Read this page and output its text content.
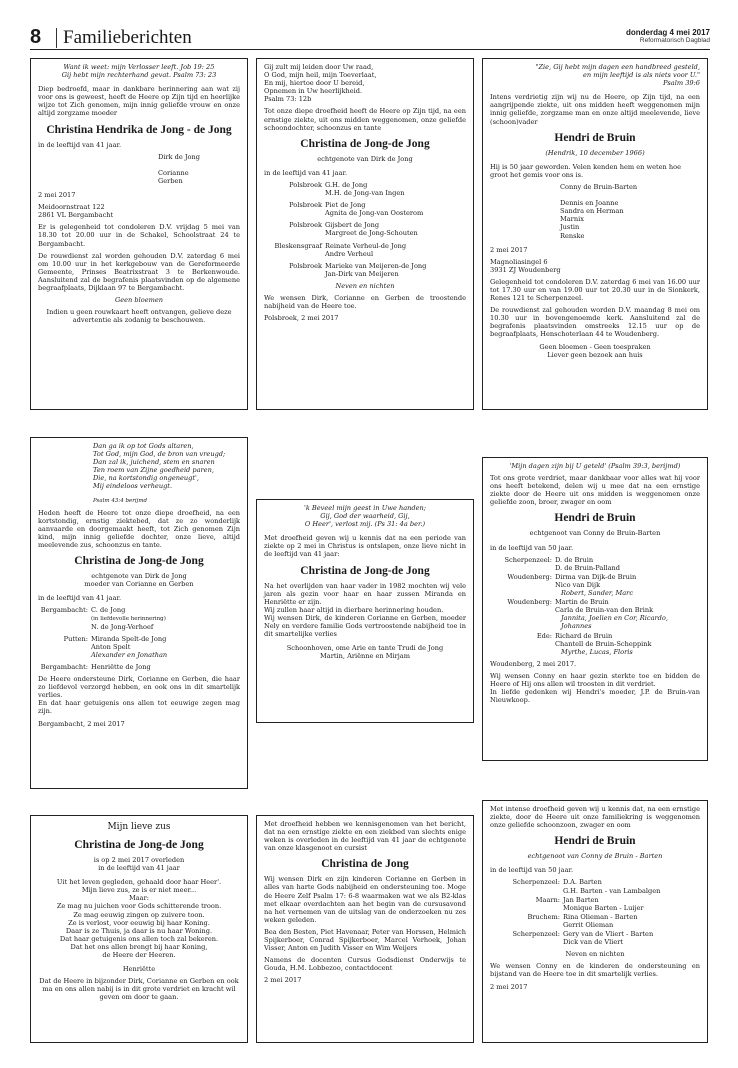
8	Familieberichten	donderdag 4 mei 2017
Reformatorisch Dagblad
Want ik weet: mijn Verlosser leeft. Job 19: 25
Gij hebt mijn rechterhand gevat. Psalm 73: 23

Diep bedroefd, maar in dankbare herinnering aan wat zij voor ons is geweest, heeft de Heere op Zijn tijd en heerlijke wijze tot Zich genomen, mijn innig geliefde vrouw en onze altijd zorgzame moeder

Christina Hendrika de Jong - de Jong

in de leeftijd van 41 jaar.

Dirk de Jong

Corianne
Gerben

2 mei 2017

Meidoornstraat 122
2861 VL Bergambacht

Er is gelegenheid tot condoleren D.V. vrijdag 5 mei van 18.30 tot 20.00 uur in de Schakel, Schoolstraat 24 te Bergambacht.

De rouwdienst zal worden gehouden D.V. zaterdag 6 mei om 10.00 uur in het kerkgebouw van de Gereformeerde Gemeente, Prinses Beatrixstraat 3 te Berkenwoude. Aansluitend zal de begrafenis plaatsvinden op de algemene begraafplaats, Dijklaan 97 te Bergambacht.

Geen bloemen

Indien u geen rouwkaart heeft ontvangen, gelieve deze advertentie als zodanig te beschouwen.

Gij zult mij leiden door Uw raad,
O God, mijn heil, mijn Toeverlaat,
En mij, hiertoe door U bereid,
Opnemen in Uw heerlijkheid.
Psalm 73: 12b

Tot onze diepe droefheid heeft de Heere op Zijn tijd, na een ernstige ziekte, uit ons midden weggenomen, onze geliefde schoondochter, schoonzus en tante

Christina de Jong-de Jong
echtgenote van Dirk de Jong

in de leeftijd van 41 jaar.

Polsbroek G.H. de Jong
M.H. de Jong-van Ingen
Polsbroek Piet de Jong
Agnita de Jong-van Oosterom
Polsbroek Gijsbert de Jong
Margreet de Jong-Schouten
Bleskensgraaf Reinate Verheul-de Jong
Andre Verheul
Polsbroek Marieke van Meijeren-de Jong
Jan-Dirk van Meijeren

Neven en nichten

We wensen Dirk, Corianne en Gerben de troostende nabijheid van de Heere toe.

Polsbroek, 2 mei 2017

"Zie, Gij hebt mijn dagen een handbreed gesteld,
en mijn leeftijd is als niets voor U."
Psalm 39:6

Intens verdrietig zijn wij nu de Heere, op Zijn tijd, na een aangrijpende ziekte, uit ons midden heeft weggenomen mijn innig geliefde, zorgzame man en onze altijd meelevende, lieve (schoon)vader

Hendri de Bruin
(Hendrik, 10 december 1966)

Hij is 50 jaar geworden. Velen kenden hem en weten hoe groot het gemis voor ons is.

Conny de Bruin-Barten

Dennis en Joanne
Sandra en Herman
Marnix
Justin
Renske

2 mei 2017

Magnoliasingel 6
3931 ZJ Woudenberg

Gelegenheid tot condoleren D.V. zaterdag 6 mei van 16.00 uur tot 17.30 uur en van 19.00 uur tot 20.30 uur in de Sionkerk, Renes 121 te Scherpenzeel.

De rouwdienst zal gehouden worden D.V. maandag 8 mei om 10.30 uur in bovengenoemde kerk. Aansluitend zal de begrafenis plaatsvinden omstreeks 12.15 uur op de begraafplaats, Henschoterlaan 44 te Woudenberg.

Geen bloemen - Geen toespraken
Liever geen bezoek aan huis

Dan ga ik op tot Gods altaren,
Tot God, mijn God, de bron van vreugd;
Dan zal ik, juichend, stem en snaren
Ten roem van Zijne goedheid paren,
Die, na kortstondig ongeneugt',
Mij eindeloos verheugt.

Psalm 43:4 berijmd

Heden heeft de Heere tot onze diepe droefheid, na een kortstondig, ernstig ziektebed, dat ze zo wonderlijk aanvaarde en doorgemaakt heeft, tot Zich genomen Zijn kind, mijn innig geliefde dochter, onze lieve, altijd meelevende zus, schoonzus en tante.

Christina de Jong-de Jong
echtgenote van Dirk de Jong
moeder van Corianne en Gerben

in de leeftijd van 41 jaar.

Bergambacht: C. de Jong
(in liefdevolle herinnering)
N. de Jong-Verhoef
Putten: Miranda Spelt-de Jong
Anton Spelt
Alexander en Jonathan
Bergambacht: Henriëtte de Jong

De Heere ondersteune Dirk, Corianne en Gerben, die haar zo liefdevol verzorgd hebben, en ook ons in dit smartelijk verlies.
En dat haar getuigenis ons allen tot eeuwige zegen mag zijn.

Bergambacht, 2 mei 2017

'k Beveel mijn geest in Uwe handen;
Gij, God der waarheid, Gij,
O Heer', verlost mij. (Ps 31: 4a ber.)

Met droefheid geven wij u kennis dat na een periode van ziekte op 2 mei in Christus is ontslapen, onze lieve nicht in de leeftijd van 41 jaar:

Christina de Jong-de Jong

Na het overlijden van haar vader in 1982 mochten wij vele jaren als gezin voor haar en haar zussen Miranda en Henriëtte er zijn.
Wij zullen haar altijd in dierbare herinnering houden.
Wij wensen Dirk, de kinderen Corianne en Gerben, moeder Nely en verdere familie Gods vertroostende nabijheid toe in dit smartelijke verlies

Schoonhoven, ome Arie en tante Trudi de Jong
Martin, Ariënne en Mirjam

'Mijn dagen zijn bij U geteld' (Psalm 39:3, berijmd)

Tot ons grote verdriet, maar dankbaar voor alles wat hij voor ons heeft betekend, delen wij u mee dat na een ernstige ziekte door de Heere uit ons midden is weggenomen onze geliefde zoon, broer, zwager en oom

Hendri de Bruin
echtgenoot van Conny de Bruin-Barten

in de leeftijd van 50 jaar.

Scherpenzeel: D. de Bruin
D. de Bruin-Palland
Woudenberg: Dirma van Dijk-de Bruin
Nico van Dijk
Robert, Sander, Marc
Woudenberg: Martin de Bruin
Carla de Bruin-van den Brink
Jannita, Joelien en Cor, Ricardo, Johannes
Ede: Richard de Bruin
Chantell de Bruin-Scheppink
Myrthe, Lucas, Floris

Woudenberg, 2 mei 2017.

Wij wensen Conny en haar gezin sterkte toe en bidden de Heere of Hij ons allen wil troosten in dit verdriet.
In liefde gedenken wij Hendri's moeder, J.P. de Bruin-van Nieuwkoop.

Mijn lieve zus
Christina de Jong-de Jong
is op 2 mei 2017 overleden
in de leeftijd van 41 jaar
Uit het leven gegleden, gehaald door haar Heer'.
Mijn lieve zus, ze is er niet meer...
Maar:
Ze mag nu juichen voor Gods schitterende troon.
Ze mag eeuwig zingen op zuivere toon.
Ze is verlost, voor eeuwig bij haar Koning.
Daar is ze Thuis, ja daar is nu haar Woning.
Dat haar getuigenis ons allen toch zal bekeren.
Dat het ons allen brengt bij haar Koning,
de Heere der Heeren.

Henriëtte

Dat de Heere in bijzonder Dirk, Corianne en Gerben en ook ma en ons allen nabij is in dit grote verdriet en kracht wil geven om door te gaan.

Met droefheid hebben we kennisgenomen van het bericht, dat na een ernstige ziekte en een ziekbed van slechts enige weken is overleden in de leeftijd van 41 jaar de echtgenote van onze klasgenoot en cursist

Christina de Jong

Wij wensen Dirk en zijn kinderen Corianne en Gerben in alles van harte Gods nabijheid en ondersteuning toe. Moge de Heere Zelf Psalm 17: 6-8 waarmaken wat we als B2-klas met elkaar overdachten aan het begin van de cursusavond na het vernemen van de uitslag van de onderzoeken nu zes weken geleden.

Bea den Besten, Piet Havenaar, Peter van Horssen, Helmich Spijkerboer, Conrad Spijkerboer, Marcel Verhoek, Johan Visser, Anton en Judith Visser en Wim Weijers

Namens de docenten Cursus Godsdienst Onderwijs te Gouda, H.M. Lobbezoo, contactdocent

2 mei 2017

Met intense droefheid geven wij u kennis dat, na een ernstige ziekte, door de Heere uit onze familiekring is weggenomen onze geliefde schoonzoon, zwager en oom

Hendri de Bruin
echtgenoot van Conny de Bruin - Barten

in de leeftijd van 50 jaar.

Scherpenzeel: D.A. Barten
G.H. Barten - van Lambalgen
Maarn: Jan Barten
Monique Barten - Luijer
Bruchem: Rina Olieman - Barten
Gerrit Olieman
Scherpenzeel: Gery van de Vliert - Barten
Dick van de Vliert

Neven en nichten

We wensen Conny en de kinderen de ondersteuning en bijstand van de Heere toe in dit smartelijk verlies.

2 mei 2017
